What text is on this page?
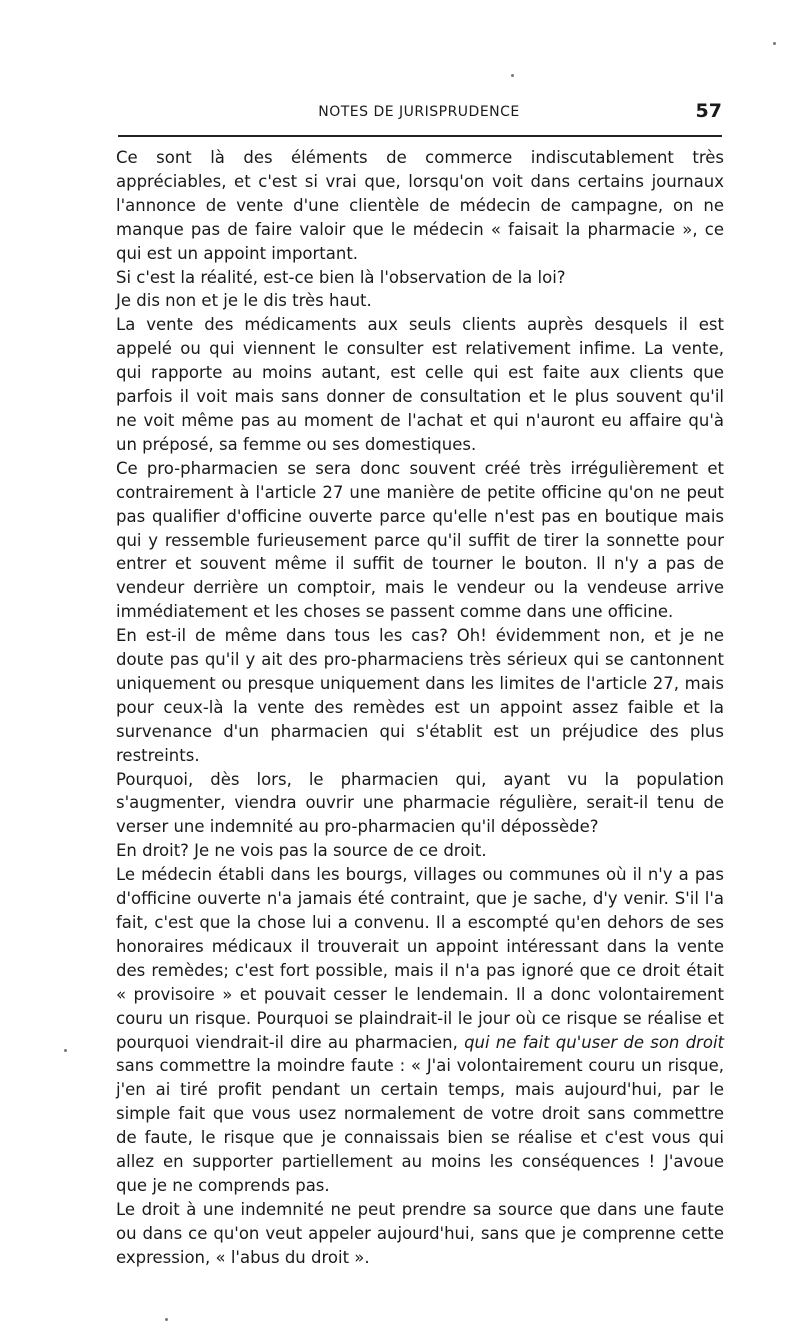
NOTES DE JURISPRUDENCE	57

Ce sont là des éléments de commerce indiscutablement très appréciables, et c'est si vrai que, lorsqu'on voit dans certains journaux l'annonce de vente d'une clientèle de médecin de campagne, on ne manque pas de faire valoir que le médecin « faisait la pharmacie », ce qui est un appoint important.

Si c'est la réalité, est-ce bien là l'observation de la loi?

Je dis non et je le dis très haut.

La vente des médicaments aux seuls clients auprès desquels il est appelé ou qui viennent le consulter est relativement infime. La vente, qui rapporte au moins autant, est celle qui est faite aux clients que parfois il voit mais sans donner de consultation et le plus souvent qu'il ne voit même pas au moment de l'achat et qui n'auront eu affaire qu'à un préposé, sa femme ou ses domestiques.

Ce pro-pharmacien se sera donc souvent créé très irrégulièrement et contrairement à l'article 27 une manière de petite officine qu'on ne peut pas qualifier d'officine ouverte parce qu'elle n'est pas en boutique mais qui y ressemble furieusement parce qu'il suffit de tirer la sonnette pour entrer et souvent même il suffit de tourner le bouton. Il n'y a pas de vendeur derrière un comptoir, mais le vendeur ou la vendeuse arrive immédiatement et les choses se passent comme dans une officine.

En est-il de même dans tous les cas? Oh! évidemment non, et je ne doute pas qu'il y ait des pro-pharmaciens très sérieux qui se cantonnent uniquement ou presque uniquement dans les limites de l'article 27, mais pour ceux-là la vente des remèdes est un appoint assez faible et la survenance d'un pharmacien qui s'établit est un préjudice des plus restreints.

Pourquoi, dès lors, le pharmacien qui, ayant vu la population s'augmenter, viendra ouvrir une pharmacie régulière, serait-il tenu de verser une indemnité au pro-pharmacien qu'il dépossède?

En droit? Je ne vois pas la source de ce droit.

Le médecin établi dans les bourgs, villages ou communes où il n'y a pas d'officine ouverte n'a jamais été contraint, que je sache, d'y venir. S'il l'a fait, c'est que la chose lui a convenu. Il a escompté qu'en dehors de ses honoraires médicaux il trouverait un appoint intéressant dans la vente des remèdes; c'est fort possible, mais il n'a pas ignoré que ce droit était « provisoire » et pouvait cesser le lendemain. Il a donc volontairement couru un risque. Pourquoi se plaindrait-il le jour où ce risque se réalise et pourquoi viendrait-il dire au pharmacien, qui ne fait qu'user de son droit sans commettre la moindre faute : « J'ai volontairement couru un risque, j'en ai tiré profit pendant un certain temps, mais aujourd'hui, par le simple fait que vous usez normalement de votre droit sans commettre de faute, le risque que je connaissais bien se réalise et c'est vous qui allez en supporter partiellement au moins les conséquences ! J'avoue que je ne comprends pas.

Le droit à une indemnité ne peut prendre sa source que dans une faute ou dans ce qu'on veut appeler aujourd'hui, sans que je comprenne cette expression, « l'abus du droit ».
